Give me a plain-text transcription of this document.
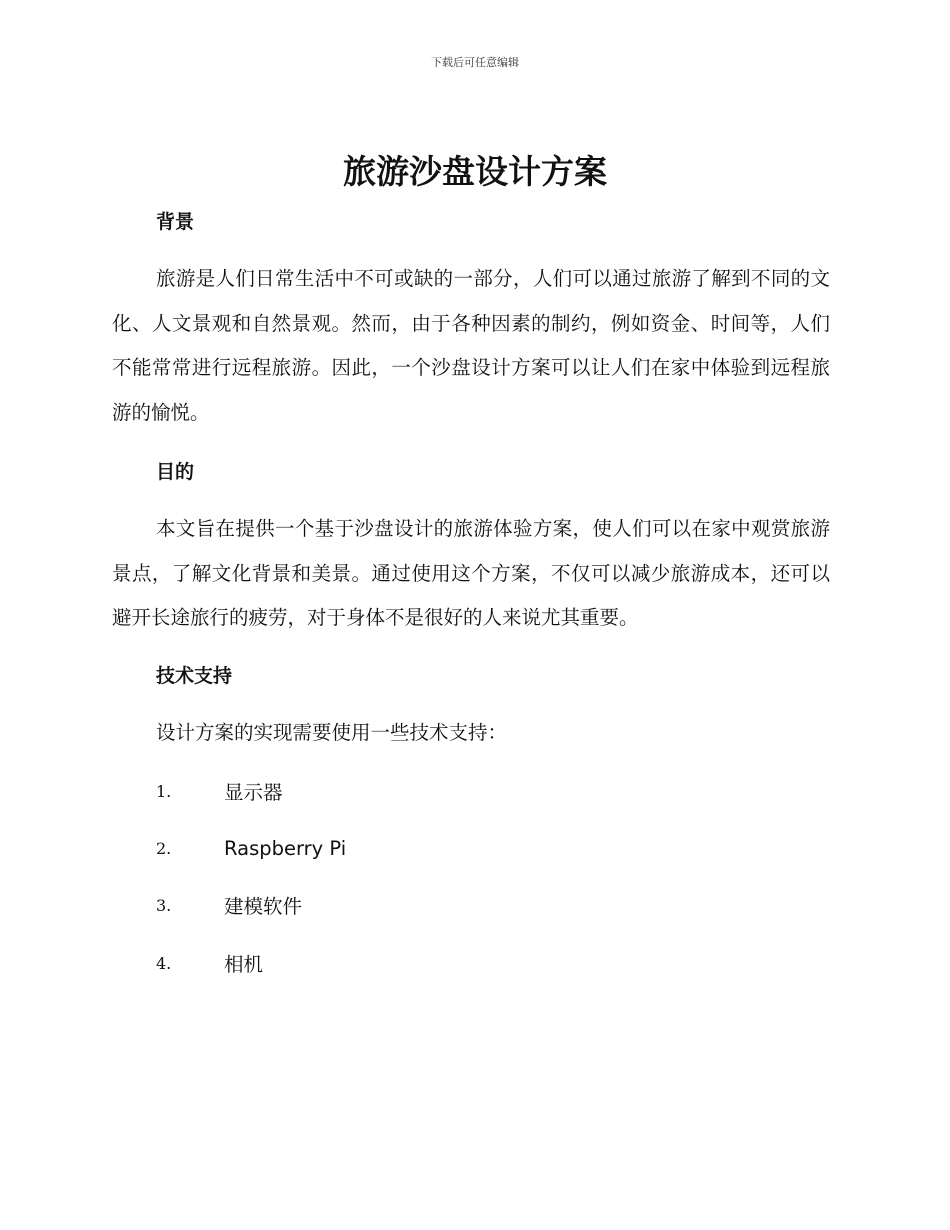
下载后可任意编辑
旅游沙盘设计方案
背景

旅游是人们日常生活中不可或缺的一部分，人们可以通过旅游了解到不同的文化、人文景观和自然景观。然而，由于各种因素的制约，例如资金、时间等，人们不能常常进行远程旅游。因此，一个沙盘设计方案可以让人们在家中体验到远程旅游的愉悦。

目的

本文旨在提供一个基于沙盘设计的旅游体验方案，使人们可以在家中观赏旅游景点，了解文化背景和美景。通过使用这个方案，不仅可以减少旅游成本，还可以避开长途旅行的疲劳，对于身体不是很好的人来说尤其重要。

技术支持

设计方案的实现需要使用一些技术支持：

1.	显示器
2.	Raspberry Pi
3.	建模软件
4.	相机
